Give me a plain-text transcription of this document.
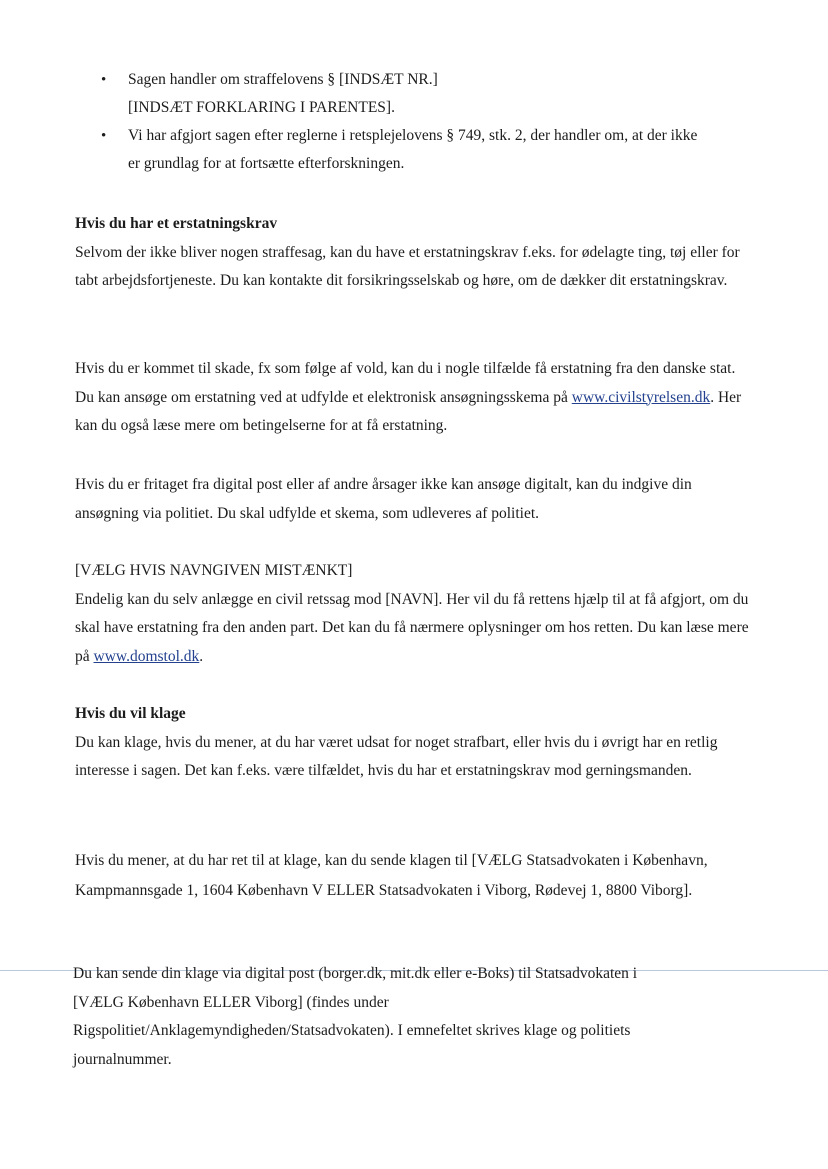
• Sagen handler om straffelovens § [INDSÆT NR.]
[INDSÆT FORKLARING I PARENTES].
• Vi har afgjort sagen efter reglerne i retsplejelovens § 749, stk. 2, der handler om, at der ikke
er grundlag for at fortsætte efterforskningen.
Hvis du har et erstatningskrav
Selvom der ikke bliver nogen straffesag, kan du have et erstatningskrav f.eks. for ødelagte ting, tøj eller for tabt arbejdsfortjeneste. Du kan kontakte dit forsikringsselskab og høre, om de dækker dit erstatningskrav.
Hvis du er kommet til skade, fx som følge af vold, kan du i nogle tilfælde få erstatning fra den danske stat. Du kan ansøge om erstatning ved at udfylde et elektronisk ansøgningsskema på www.civilstyrelsen.dk. Her kan du også læse mere om betingelserne for at få erstatning.
Hvis du er fritaget fra digital post eller af andre årsager ikke kan ansøge digitalt, kan du indgive din ansøgning via politiet. Du skal udfylde et skema, som udleveres af politiet.
[VÆLG HVIS NAVNGIVEN MISTÆNKT]
Endelig kan du selv anlægge en civil retssag mod [NAVN]. Her vil du få rettens hjælp til at få afgjort, om du skal have erstatning fra den anden part. Det kan du få nærmere oplysninger om hos retten. Du kan læse mere på www.domstol.dk.
Hvis du vil klage
Du kan klage, hvis du mener, at du har været udsat for noget strafbart, eller hvis du i øvrigt har en retlig interesse i sagen. Det kan f.eks. være tilfældet, hvis du har et erstatningskrav mod gerningsmanden.
Hvis du mener, at du har ret til at klage, kan du sende klagen til [VÆLG Statsadvokaten i København, Kampmannsgade 1, 1604 København V ELLER Statsadvokaten i Viborg, Rødevej 1, 8800 Viborg].
Du kan sende din klage via digital post (borger.dk, mit.dk eller e-Boks) til Statsadvokaten i
[VÆLG København ELLER Viborg] (findes under
Rigspolitiet/Anklagemyndigheden/Statsadvokaten). I emnefeltet skrives klage og politiets journalnummer.
